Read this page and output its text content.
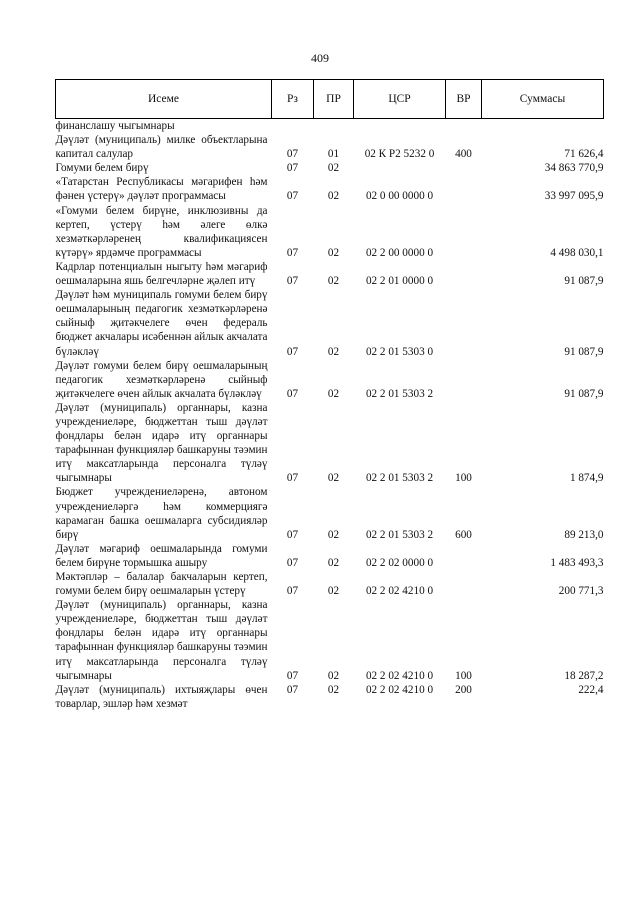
409
Исеме	Рз	ПР	ЦСР	ВР	Суммасы
финанслашу чыгымнары					
Дәүләт (муниципаль) милке объектларына капитал салулар	07	01	02 К Р2 5232 0	400	71 626,4
Гомуми белем бирү	07	02			34 863 770,9
«Татарстан Республикасы мәгарифен һәм фәнен үстерү» дәүләт программасы	07	02	02 0 00 0000 0		33 997 095,9
«Гомуми белем бирүне, инклюзивны да кертеп, үстерү һәм әлеге өлкә хезмәткәрләренең квалификациясен күтәрү» ярдәмче программасы	07	02	02 2 00 0000 0		4 498 030,1
Кадрлар потенциалын ныгыту һәм мәгариф оешмаларына яшь белгечләрне җәлеп итү	07	02	02 2 01 0000 0		91 087,9
Дәүләт һәм муниципаль гомуми белем бирү оешмаларының педагогик хезмәткәрләренә сыйныф җитәкчелеге өчен федераль бюджет акчалары исәбеннән айлык акчалата бүләкләү	07	02	02 2 01 5303 0		91 087,9
Дәүләт гомуми белем бирү оешмаларының педагогик хезмәткәрләренә сыйныф җитәкчелеге өчен айлык акчалата бүләкләү	07	02	02 2 01 5303 2		91 087,9
Дәүләт (муниципаль) органнары, казна учреждениеләре, бюджеттан тыш дәүләт фондлары белән идарә итү органнары тарафыннан функцияләр башкаруны тәэмин итү максатларында персоналга түләү чыгымнары	07	02	02 2 01 5303 2	100	1 874,9
Бюджет учреждениеләренә, автоном учреждениеләргә һәм коммерциягә карамаган башка оешмаларга субсидияләр бирү	07	02	02 2 01 5303 2	600	89 213,0
Дәүләт мәгариф оешмаларында гомуми белем бирүне тормышка ашыру	07	02	02 2 02 0000 0		1 483 493,3
Мәктәпләр – балалар бакчаларын кертеп, гомуми белем бирү оешмаларын үстерү	07	02	02 2 02 4210 0		200 771,3
Дәүләт (муниципаль) органнары, казна учреждениеләре, бюджеттан тыш дәүләт фондлары белән идарә итү органнары тарафыннан функцияләр башкаруны тәэмин итү максатларында персоналга түләү чыгымнары	07	02	02 2 02 4210 0	100	18 287,2
Дәүләт (муниципаль) ихтыяҗлары өчен товарлар, эшләр һәм хезмәт	07	02	02 2 02 4210 0	200	222,4
